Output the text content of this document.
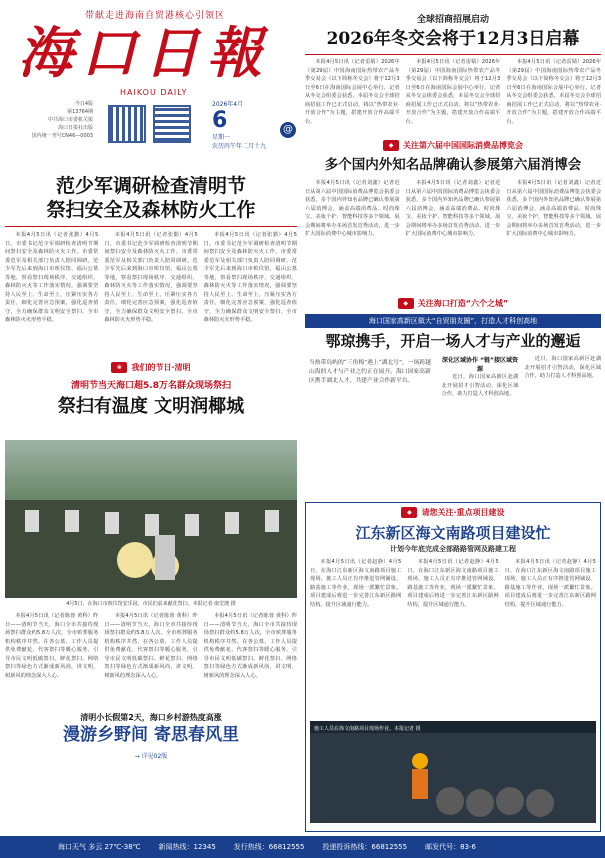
带献走进海南自贸港核心引领区
海口日報
HAIKOU DAILY
今日4版
第13764期
中共海口市委机关报
海口日报社出版
国内统一刊号CN46—0003
2026年4月
6
星期一
农历丙午年二月十九
@
范少军调研检查清明节
祭扫安全及森林防火工作
本报4月5日讯（记者张勤）4月5日，市委书记范少军调研检查清明节期间祭扫安全及森林防灭火工作。市委常委范军及相关部门负责人陪同调研。范少军先后来到海口市殡仪馆、福山公墓等地，察看祭扫现场秩序、交通组织、森林防灭火等工作落实情况，强调要坚持人民至上、生命至上，压紧压实各方责任，细化完善应急预案，强化巡查值守，全力确保群众文明安全祭扫、全市森林防灭火形势平稳。
本报4月5日讯（记者张勤）4月5日，市委书记范少军调研检查清明节期间祭扫安全及森林防灭火工作。市委常委范军及相关部门负责人陪同调研。范少军先后来到海口市殡仪馆、福山公墓等地，察看祭扫现场秩序、交通组织、森林防灭火等工作落实情况，强调要坚持人民至上、生命至上，压紧压实各方责任，细化完善应急预案，强化巡查值守，全力确保群众文明安全祭扫、全市森林防灭火形势平稳。
本报4月5日讯（记者张勤）4月5日，市委书记范少军调研检查清明节期间祭扫安全及森林防灭火工作。市委常委范军及相关部门负责人陪同调研。范少军先后来到海口市殡仪馆、福山公墓等地，察看祭扫现场秩序、交通组织、森林防灭火等工作落实情况，强调要坚持人民至上、生命至上，压紧压实各方责任，细化完善应急预案，强化巡查值守，全力确保群众文明安全祭扫、全市森林防灭火形势平稳。
❀	我们的节日·清明
清明节当天海口超5.8万名群众现场祭扫
祭扫有温度 文明润椰城
4月5日，在海口市殡仪馆安乐园，市民们前来献花祭扫。本报记者 康堂澳 摄
本报4月5日讯（记者陈蓉 黄科）昨日——清明节当天，海口全市共接待现场祭扫群众约5.8万人次，全市殡葬服务机构秩序井然。在各公墓，工作人员提供免费献花、代客祭扫等暖心服务，引导市民文明低碳祭扫。鲜花祭扫、网络祭扫等绿色方式渐成新风尚，讲文明、树新风的理念深入人心。
本报4月5日讯（记者陈蓉 黄科）昨日——清明节当天，海口全市共接待现场祭扫群众约5.8万人次，全市殡葬服务机构秩序井然。在各公墓，工作人员提供免费献花、代客祭扫等暖心服务，引导市民文明低碳祭扫。鲜花祭扫、网络祭扫等绿色方式渐成新风尚，讲文明、树新风的理念深入人心。
本报4月5日讯（记者陈蓉 黄科）昨日——清明节当天，海口全市共接待现场祭扫群众约5.8万人次，全市殡葬服务机构秩序井然。在各公墓，工作人员提供免费献花、代客祭扫等暖心服务，引导市民文明低碳祭扫。鲜花祭扫、网络祭扫等绿色方式渐成新风尚，讲文明、树新风的理念深入人心。
清明小长假第2天，海口乡村游热度高涨
漫游乡野间 寄思春风里
→ 详见02版
全球招商招展启动
2026年冬交会将于12月3日启幕
本报4月5日讯（记者雷婧）2026年（第29届）中国海南国际热带农产品冬季交易会（以下简称冬交会）将于12月3日至6日在海南国际会展中心举行。记者从冬交会组委会获悉，本届冬交会全球招商招展工作已正式启动，将以“热带农业·开放合作”为主题，搭建开放合作高端平台。
本报4月5日讯（记者雷婧）2026年（第29届）中国海南国际热带农产品冬季交易会（以下简称冬交会）将于12月3日至6日在海南国际会展中心举行。记者从冬交会组委会获悉，本届冬交会全球招商招展工作已正式启动，将以“热带农业·开放合作”为主题，搭建开放合作高端平台。
本报4月5日讯（记者雷婧）2026年（第29届）中国海南国际热带农产品冬季交易会（以下简称冬交会）将于12月3日至6日在海南国际会展中心举行。记者从冬交会组委会获悉，本届冬交会全球招商招展工作已正式启动，将以“热带农业·开放合作”为主题，搭建开放合作高端平台。
◆	关注第六届中国国际消费品博览会
多个国内外知名品牌确认参展第六届消博会
本报4月5日讯（记者刘鑫）记者近日从第六届中国国际消费品博览会执委会获悉，多个国内外知名品牌已确认参展第六届消博会，涵盖高端消费品、时尚珠宝、美妆个护、智能科技等多个领域。展会期间将举办多场首发首秀活动，进一步扩大国际消费中心城市影响力。
本报4月5日讯（记者刘鑫）记者近日从第六届中国国际消费品博览会执委会获悉，多个国内外知名品牌已确认参展第六届消博会，涵盖高端消费品、时尚珠宝、美妆个护、智能科技等多个领域。展会期间将举办多场首发首秀活动，进一步扩大国际消费中心城市影响力。
本报4月5日讯（记者刘鑫）记者近日从第六届中国国际消费品博览会执委会获悉，多个国内外知名品牌已确认参展第六届消博会，涵盖高端消费品、时尚珠宝、美妆个护、智能科技等多个领域。展会期间将举办多场首发首秀活动，进一步扩大国际消费中心城市影响力。
◆	关注海口打造“六个之城”
海口国家高新区做大“自贸朋友圈”，打造人才科创高地
鄂琼携手，开启一场人才与产业的邂逅
当热带岛屿的“三角梅”遇上“湖北号”，一场跨越山海的人才与产业之约正在展开。海口国家高新区携手湖北人才，共建产业合作新平台。
深化区域协作 “链”接区域资源
近日，海口国家高新区赴湖北开展招才引智活动，深化区域合作，助力打造人才科创高地。
近日，海口国家高新区赴湖北开展招才引智活动，深化区域合作，助力打造人才科创高地。
◆	请您关注·重点项目建设
江东新区海文南路项目建设忙
计划今年底完成全部路路管网及路建工程
本报4月5日讯（记者赵静）4月5日，在海口江东新区海文南路项目施工现场，施工人员正有序推进管网铺设、路基施工等作业，现场一派繁忙景象。项目建成后将进一步完善江东新区路网结构，提升区域通行能力。
本报4月5日讯（记者赵静）4月5日，在海口江东新区海文南路项目施工现场，施工人员正有序推进管网铺设、路基施工等作业，现场一派繁忙景象。项目建成后将进一步完善江东新区路网结构，提升区域通行能力。
本报4月5日讯（记者赵静）4月5日，在海口江东新区海文南路项目施工现场，施工人员正有序推进管网铺设、路基施工等作业，现场一派繁忙景象。项目建成后将进一步完善江东新区路网结构，提升区域通行能力。
施工人员在海文南路项目现场作业。本报记者 摄
海口天气 多云 27℃-38℃	新闻热线：12345	发行热线：66812555	投递投诉热线：66812555	邮发代号：83-6
